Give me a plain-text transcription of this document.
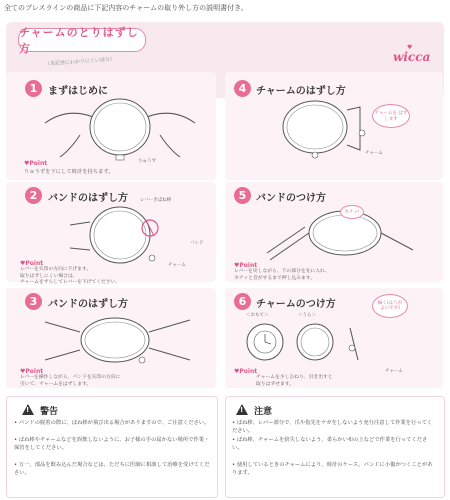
全てのブレスラインの商品に下記内容のチャームの取り外し方の説明書付き。
チャームのとりはずし方
（未記述にわかりにくい部分）
♥
wicca
1	まずはじめに
りゅうず
♥Point
りゅうずを下にして時計を持ちます。
4 チャームのはずし方
チャームを はずします
チャーム
2	バンドのはずし方	レバーきぱね棒
バンド
チャーム
♥Point
レバーを矢印の方向に下げます。
取りはずしにくい場合は、
チャームをずらしてレバーを下げてください。
5 バンドのつけ方
カチッ!
♥Point
レバーを戻しながら、下の部分を先に入れ、
カチッと音がするまで押し込みます。
3	バンドのはずし方
♥Point
レバーを操作しながら、バンドを矢印の方向に
引いて、チャームをはずします。
6 チャームのつけ方
＜おもて＞	＜うら＞
輪く(はうが
よいです)
チャーム
♥Point
チャームを少しひねり、引き出すと
取りはずせます。
! 警告
• バンドの脱着の際に、ばね棒が飛び出る場合がありますので、ご注意ください。
• ばね棒やチャームなどを誤飲しないように、お子様の手の届かない場所で作業・保管をしてください。
• 万一、部品を飲み込んだ場合などは、ただちに医師に相談して治療を受けてください。
! 注意
• ばね棒、レバー部分で、爪や指先をケガをしないよう充分注意して作業を行ってください。
• ばね棒、チャームを紛失しないよう、柔らかい布の上などで作業を行ってください。
• 使用しているときのチャームにより、時計のケース、バンドに小傷がつくことがあります。
